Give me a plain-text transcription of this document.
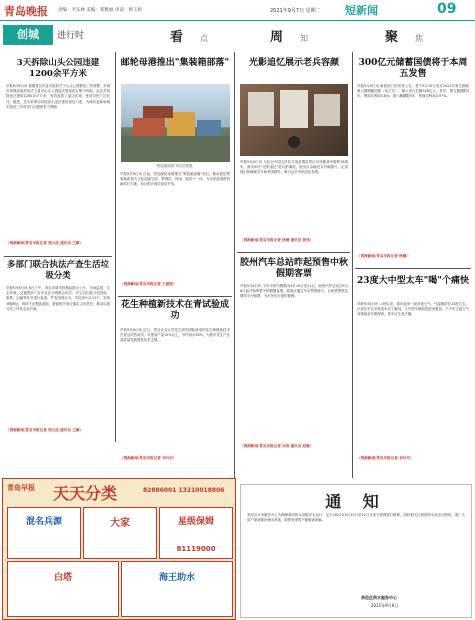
青岛晚报 责编：尹东林 美编：郑雅丽 审读：侯玉娟	2021年9月7日 星期二 短新闻	09
创城	进行时	看 点	周 知	聚 焦
3天拆除山头公园违建1200余平方米
早报9月6日讯 根据青岛市委市政府关于山头公园整治工作部署，市城市管理局组织执法力量对山头公园违法建设进行集中拆除。此次共拆除违法建筑1200余平方米，有效改善了周边环境，受到市民广泛好评。据悉，近年来该局持续加大违法建设查处力度，为城市更新和城市建设三年攻坚行动提供有力保障。
（观海新闻/青岛早报记者 郑元佳 通讯员 王颖）
多部门联合执法产查生活垃圾分类
早报9月6日讯 6日下午，青岛市城市管理局联合公安、市场监管、生态环境、交通等部门在市北区开展联合执法，对生活垃圾分类投放、收集、运输等环节进行检查，严查违规行为，共检查小区12个，发现问题8处，现场下达整改通知，督促相关单位落实主体责任，推动垃圾分类工作常态化开展。
（观海新闻/青岛早报记者 郑元佳 通讯员 王颖）
邮轮母港推出"集装箱部落"
"集装箱部落"项目效果图。
早报9月6日讯 日前，青岛邮轮母港推出"集装箱部落"项目，利用废旧集装箱改造为文化创意空间，集餐饮、休闲、展览于一体，为市民游客提供新的打卡地。项目预计国庆前后开放。
（观海新闻/青岛早报记者 王淑贤）
花生种植新技术在青试验成功
早报9月6日讯 近日，青岛农业大学花生研究团队研发的花生种植新技术在青岛试验成功，可提高产量15%以上，节约用水30%，为我市花生产业高质量发展提供技术支撑。
（观海新闻/青岛早报记者 刘丹丹）
光影追忆展示老兵容颜
早报9月6日讯 为纪念中国人民抗日战争暨世界反法西斯战争胜利76周年，我市举办"光影追忆"老兵影像展，展出百余幅老兵肖像照片，记录他们的峥嵘岁月和家国情怀，吸引众多市民前往参观。
（观海新闻/青岛早报记者 杨健 通讯员 张伟）
胶州汽车总站昨起预售中秋假期客票
早报9月6日讯 今年中秋节假期为9月19日至21日。胶州汽车总站自9月6日起开始预售中秋假期客票，旅客可通过车站售票窗口、自助售票机及网络平台购票，为市民出行提供便利。
（观海新闻/青岛早报记者 吴涛 通讯员 赵敏）
300亿元储蓄国债将于本周五发售
早报9月6日讯 财政部日前发布公告，将于9月10日发行2021年第五期和第六期储蓄国债（电子式），最大发行总额300亿元。其中，第五期期限3年，票面年利率3.8%；第六期期限5年，票面年利率3.97%。
（观海新闻/青岛早报记者 杨健）
23度大中型太车"喝"个痛快
早报9月6日讯 入秋以来，我市迎来一段凉爽天气，气温维持在23度左右。记者在市区多家洗车店了解到，大中型车辆清洗需求增加，不少车主趁天气凉爽给爱车做保养，洗车店生意火爆。
（观海新闻/青岛早报记者 刘丹丹）
青岛早报 天天分类	82886001 13210018806
混名兵源	大家	星级保姆
81119000
白塔	海王助水
通 知
李沧区水务服务中心为保障城市供水设施安全运行，定于2021年9月10日至12日对部分管网进行维修，届时相关区域将停水或水压降低，请广大用户提前做好储水准备，给您带来的不便敬请谅解。
李沧区供水服务中心
2021年9月6日
